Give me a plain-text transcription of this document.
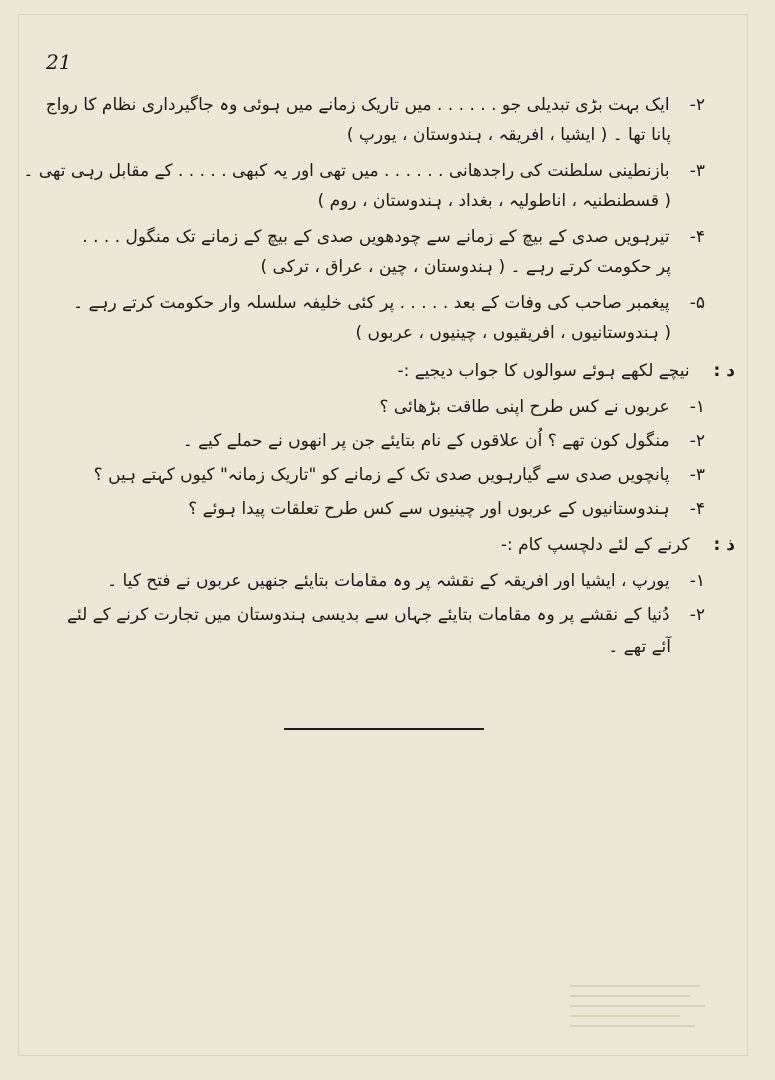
21

۲- ایک بہت بڑی تبدیلی جو . . . . . . میں تاریک زمانے میں ہوئی وہ جاگیرداری نظام کا رواج

پانا تھا ۔ ( ایشیا ، افریقہ ، ہندوستان ، یورپ )

۳- بازنطینی سلطنت کی راجدھانی . . . . . . میں تھی اور یہ کبھی . . . . . کے مقابل رہی تھی ۔

( قسطنطنیہ ، اناطولیہ ، بغداد ، ہندوستان ، روم )

۴- تیرہویں صدی کے بیچ کے زمانے سے چودھویں صدی کے بیچ کے زمانے تک منگول . . . .

پر حکومت کرتے رہے ۔ ( ہندوستان ، چین ، عراق ، ترکی )

۵- پیغمبر صاحب کی وفات کے بعد . . . . . پر کئی خلیفہ سلسلہ وار حکومت کرتے رہے ۔

( ہندوستانیوں ، افریقیوں ، چینیوں ، عربوں )

د : نیچے لکھے ہوئے سوالوں کا جواب دیجیے :-

۱- عربوں نے کس طرح اپنی طاقت بڑھائی ؟

۲- منگول کون تھے ؟ اُن علاقوں کے نام بتایئے جن پر انھوں نے حملے کیے ۔

۳- پانچویں صدی سے گیارہویں صدی تک کے زمانے کو "تاریک زمانہ" کیوں کہتے ہیں ؟

۴- ہندوستانیوں کے عربوں اور چینیوں سے کس طرح تعلقات پیدا ہوئے ؟

ذ : کرنے کے لئے دلچسپ کام :-

۱- یورپ ، ایشیا اور افریقہ کے نقشہ پر وہ مقامات بتایئے جنھیں عربوں نے فتح کیا ۔

۲- دُنیا کے نقشے پر وہ مقامات بتایئے جہاں سے بدیسی ہندوستان میں تجارت کرنے کے لئے

آئے تھے ۔
